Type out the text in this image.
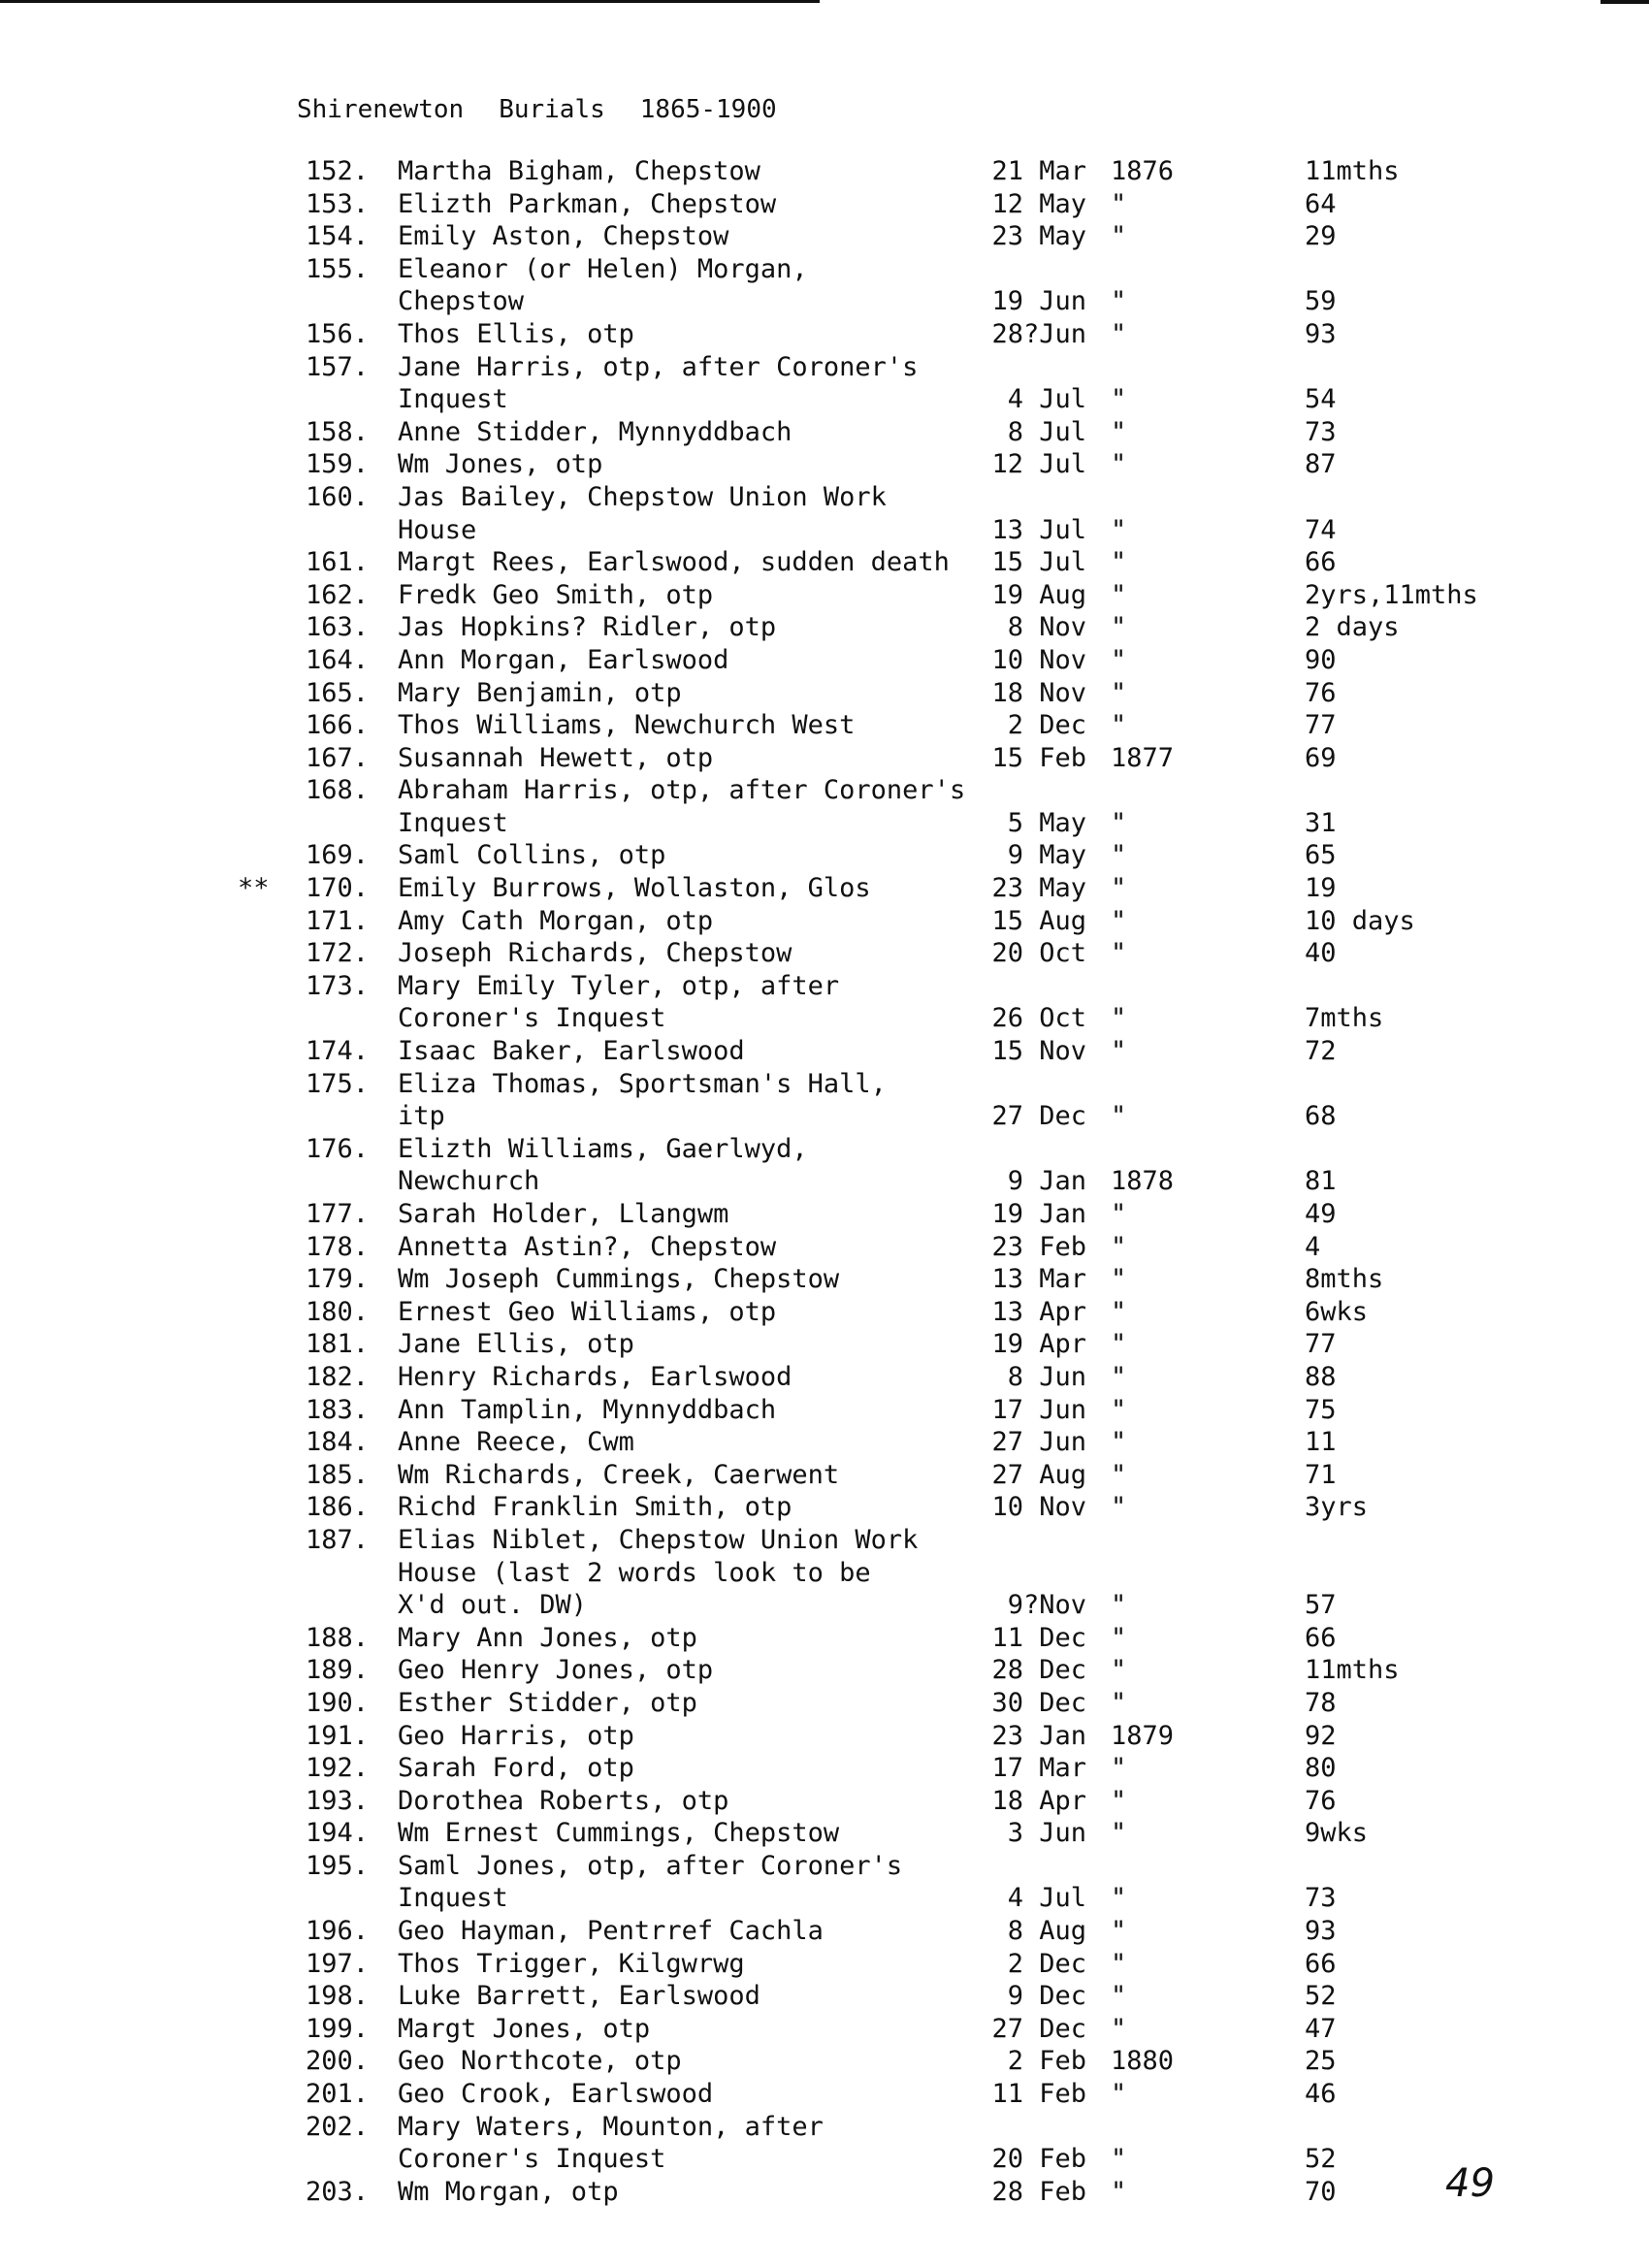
Shirenewton Burials 1865-1900
152. Martha Bigham, Chepstow	21 Mar 1876	11mths
153. Elizth Parkman, Chepstow	12 May "	64
154. Emily Aston, Chepstow	23 May "	29
155. Eleanor (or Helen) Morgan,
Chepstow	19 Jun "	59
156. Thos Ellis, otp	28?Jun "	93
157. Jane Harris, otp, after Coroner's
Inquest	4 Jul "	54
158. Anne Stidder, Mynnyddbach	8 Jul "	73
159. Wm Jones, otp	12 Jul "	87
160. Jas Bailey, Chepstow Union Work
House	13 Jul "	74
161. Margt Rees, Earlswood, sudden death	15 Jul "	66
162. Fredk Geo Smith, otp	19 Aug "	2yrs,11mths
163. Jas Hopkins? Ridler, otp	8 Nov "	2 days
164. Ann Morgan, Earlswood	10 Nov "	90
165. Mary Benjamin, otp	18 Nov "	76
166. Thos Williams, Newchurch West	2 Dec "	77
167. Susannah Hewett, otp	15 Feb 1877	69
168. Abraham Harris, otp, after Coroner's
Inquest	5 May "	31
169. Saml Collins, otp	9 May "	65
**	170. Emily Burrows, Wollaston, Glos	23 May "	19
171. Amy Cath Morgan, otp	15 Aug "	10 days
172. Joseph Richards, Chepstow	20 Oct "	40
173. Mary Emily Tyler, otp, after
Coroner's Inquest	26 Oct "	7mths
174. Isaac Baker, Earlswood	15 Nov "	72
175. Eliza Thomas, Sportsman's Hall,
itp	27 Dec "	68
176. Elizth Williams, Gaerlwyd,
Newchurch	9 Jan 1878	81
177. Sarah Holder, Llangwm	19 Jan "	49
178. Annetta Astin?, Chepstow	23 Feb "	4
179. Wm Joseph Cummings, Chepstow	13 Mar "	8mths
180. Ernest Geo Williams, otp	13 Apr "	6wks
181. Jane Ellis, otp	19 Apr "	77
182. Henry Richards, Earlswood	8 Jun "	88
183. Ann Tamplin, Mynnyddbach	17 Jun "	75
184. Anne Reece, Cwm	27 Jun "	11
185. Wm Richards, Creek, Caerwent	27 Aug "	71
186. Richd Franklin Smith, otp	10 Nov "	3yrs
187. Elias Niblet, Chepstow Union Work
House (last 2 words look to be
X'd out. DW)	9?Nov "	57
188. Mary Ann Jones, otp	11 Dec "	66
189. Geo Henry Jones, otp	28 Dec "	11mths
190. Esther Stidder, otp	30 Dec "	78
191. Geo Harris, otp	23 Jan 1879	92
192. Sarah Ford, otp	17 Mar "	80
193. Dorothea Roberts, otp	18 Apr "	76
194. Wm Ernest Cummings, Chepstow	3 Jun "	9wks
195. Saml Jones, otp, after Coroner's
Inquest	4 Jul "	73
196. Geo Hayman, Pentrref Cachla	8 Aug "	93
197. Thos Trigger, Kilgwrwg	2 Dec "	66
198. Luke Barrett, Earlswood	9 Dec "	52
199. Margt Jones, otp	27 Dec "	47
200. Geo Northcote, otp	2 Feb 1880	25
201. Geo Crook, Earlswood	11 Feb "	46
202. Mary Waters, Mounton, after
Coroner's Inquest	20 Feb "	52
203. Wm Morgan, otp	28 Feb "	70	49
